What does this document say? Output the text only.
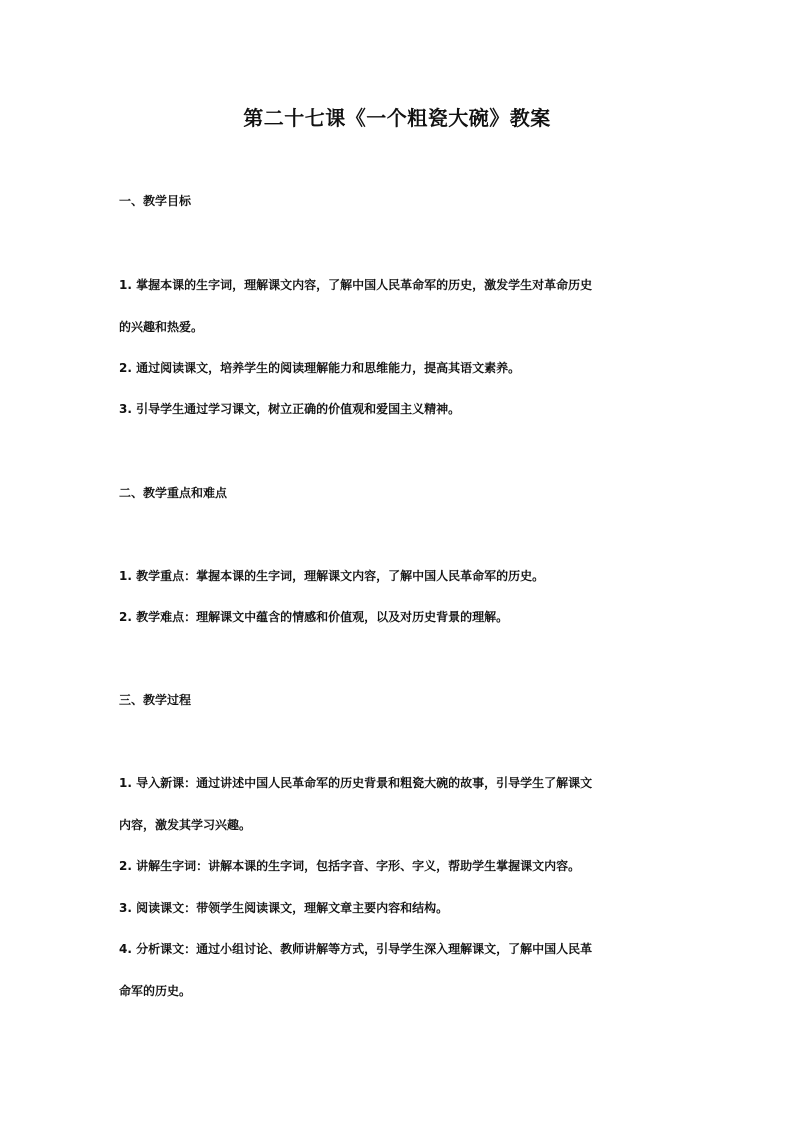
第二十七课《一个粗瓷大碗》教案
一、教学目标
1. 掌握本课的生字词，理解课文内容，了解中国人民革命军的历史，激发学生对革命历史
的兴趣和热爱。
2. 通过阅读课文，培养学生的阅读理解能力和思维能力，提高其语文素养。
3. 引导学生通过学习课文，树立正确的价值观和爱国主义精神。
二、教学重点和难点
1. 教学重点：掌握本课的生字词，理解课文内容，了解中国人民革命军的历史。
2. 教学难点：理解课文中蕴含的情感和价值观，以及对历史背景的理解。
三、教学过程
1. 导入新课：通过讲述中国人民革命军的历史背景和粗瓷大碗的故事，引导学生了解课文
内容，激发其学习兴趣。
2. 讲解生字词：讲解本课的生字词，包括字音、字形、字义，帮助学生掌握课文内容。
3. 阅读课文：带领学生阅读课文，理解文章主要内容和结构。
4. 分析课文：通过小组讨论、教师讲解等方式，引导学生深入理解课文，了解中国人民革
命军的历史。
